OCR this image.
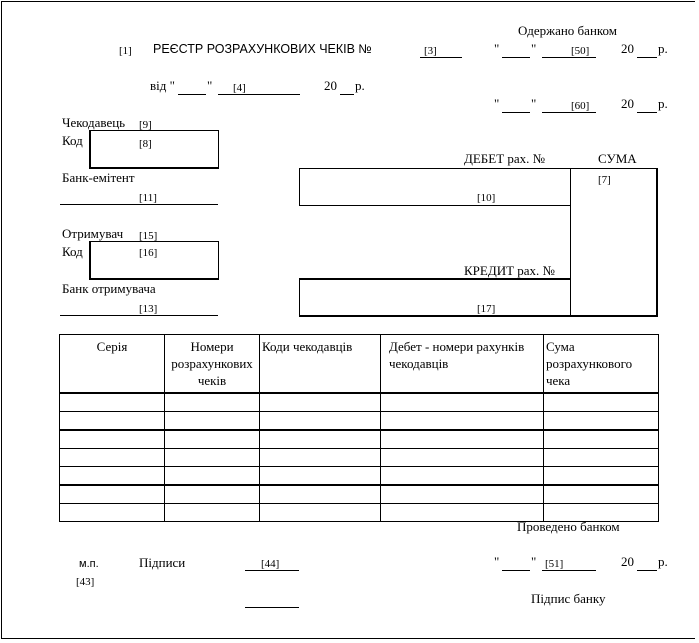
Одержано банком
[1] РЕЄСТР РОЗРАХУНКОВИХ ЧЕКІВ №	[3]	" "	[50] 20 р.
від " " [4]	20 р.
" "	[60] 20 р.
Чекодавець [9]
Код	[8]
Банк-емітент
[11]
Отримувач [15]
Код	[16]
Банк отримувача
[13]
ДЕБЕТ рах. №	СУМА
[10]
[7]
КРЕДИТ рах. №
[17]
Серія	Номери розрахункових чеків	Коди чекодавців	Дебет - номери рахунків чекодавців	Сума розрахункового чека

Проведено банком
м.п.
[43]
Підписи	[44]	" " [51]	20 р.
Підпис банку
